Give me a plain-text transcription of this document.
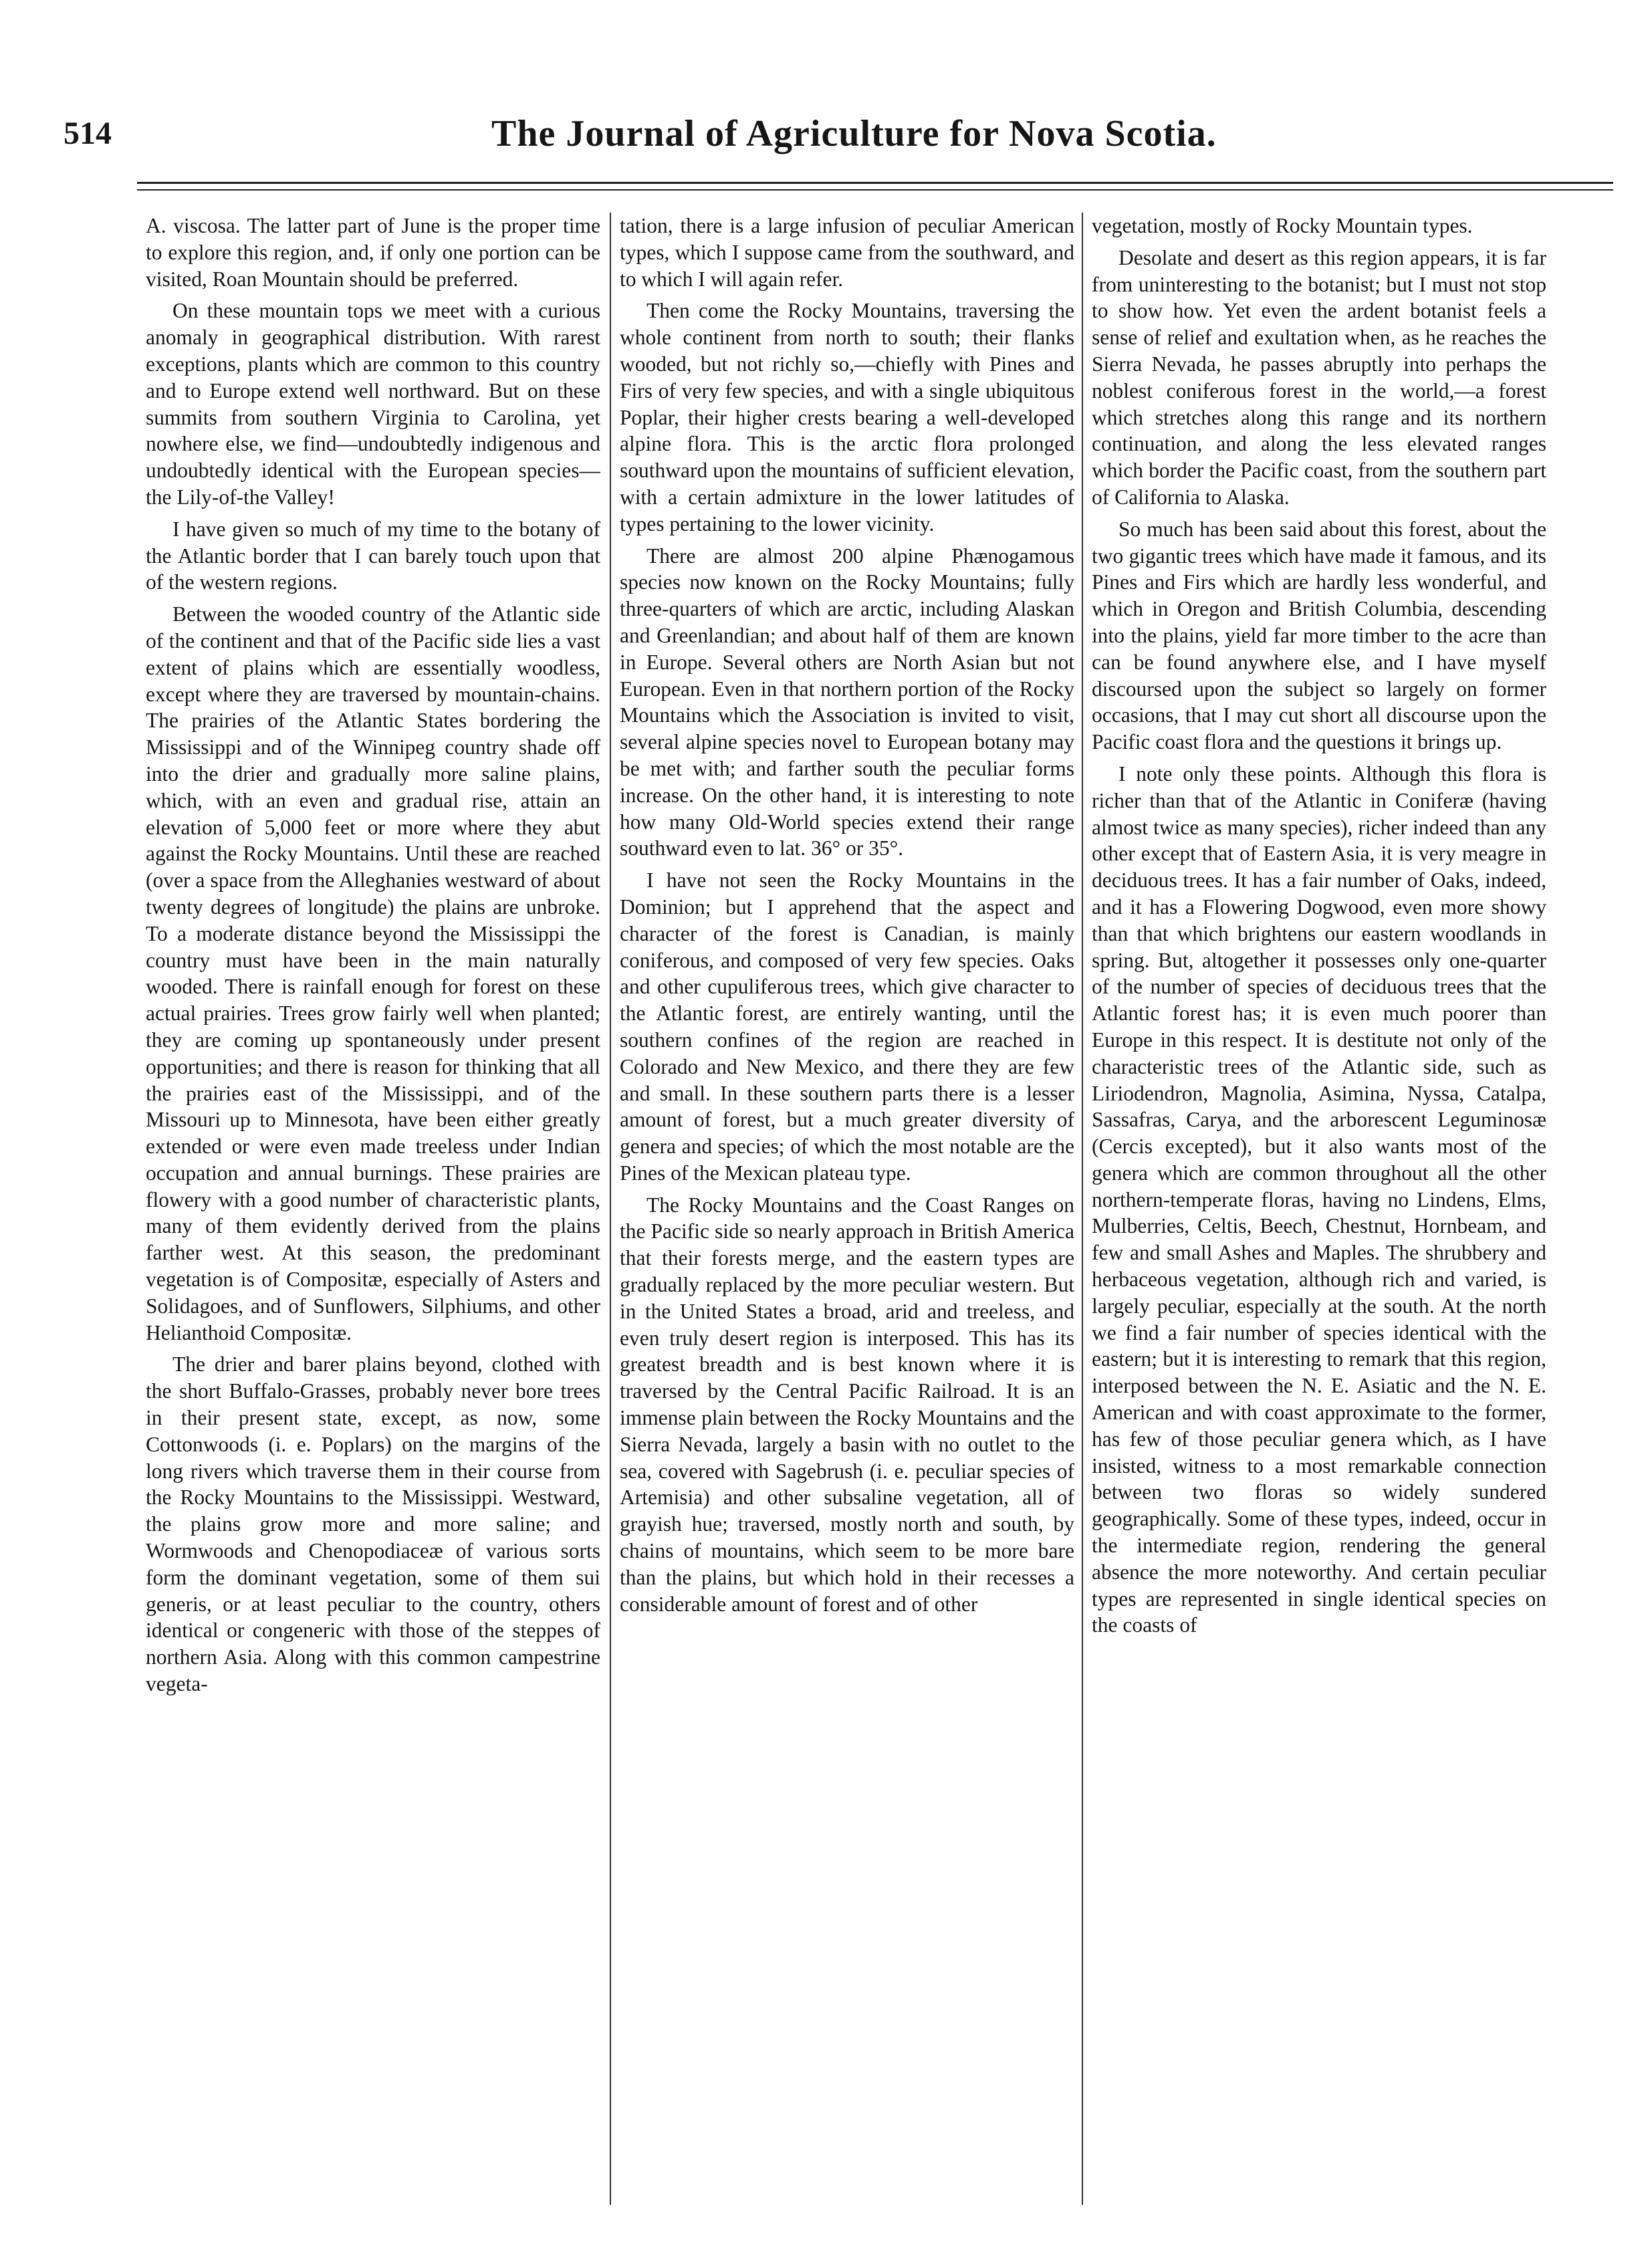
514	The Journal of Agriculture for Nova Scotia.

A. viscosa. The latter part of June is the proper time to explore this region, and, if only one portion can be visited, Roan Mountain should be preferred.

On these mountain tops we meet with a curious anomaly in geographical distribution. With rarest exceptions, plants which are common to this country and to Europe extend well northward. But on these summits from southern Virginia to Carolina, yet nowhere else, we find—undoubtedly indigenous and undoubtedly identical with the European species—the Lily-of-the Valley!

I have given so much of my time to the botany of the Atlantic border that I can barely touch upon that of the western regions.

Between the wooded country of the Atlantic side of the continent and that of the Pacific side lies a vast extent of plains which are essentially woodless, except where they are traversed by mountain-chains. The prairies of the Atlantic States bordering the Mississippi and of the Winnipeg country shade off into the drier and gradually more saline plains, which, with an even and gradual rise, attain an elevation of 5,000 feet or more where they abut against the Rocky Mountains. Until these are reached (over a space from the Alleghanies westward of about twenty degrees of longitude) the plains are unbroke. To a moderate distance beyond the Mississippi the country must have been in the main naturally wooded. There is rainfall enough for forest on these actual prairies. Trees grow fairly well when planted; they are coming up spontaneously under present opportunities; and there is reason for thinking that all the prairies east of the Mississippi, and of the Missouri up to Minnesota, have been either greatly extended or were even made treeless under Indian occupation and annual burnings. These prairies are flowery with a good number of characteristic plants, many of them evidently derived from the plains farther west. At this season, the predominant vegetation is of Compositæ, especially of Asters and Solidagoes, and of Sunflowers, Silphiums, and other Helianthoid Compositæ.

The drier and barer plains beyond, clothed with the short Buffalo-Grasses, probably never bore trees in their present state, except, as now, some Cottonwoods (i. e. Poplars) on the margins of the long rivers which traverse them in their course from the Rocky Mountains to the Mississippi. Westward, the plains grow more and more saline; and Wormwoods and Chenopodiaceæ of various sorts form the dominant vegetation, some of them sui generis, or at least peculiar to the country, others identical or congeneric with those of the steppes of northern Asia. Along with this common campestrine vegeta-

tation, there is a large infusion of peculiar American types, which I suppose came from the southward, and to which I will again refer.

Then come the Rocky Mountains, traversing the whole continent from north to south; their flanks wooded, but not richly so,—chiefly with Pines and Firs of very few species, and with a single ubiquitous Poplar, their higher crests bearing a well-developed alpine flora. This is the arctic flora prolonged southward upon the mountains of sufficient elevation, with a certain admixture in the lower latitudes of types pertaining to the lower vicinity.

There are almost 200 alpine Phænogamous species now known on the Rocky Mountains; fully three-quarters of which are arctic, including Alaskan and Greenlandian; and about half of them are known in Europe. Several others are North Asian but not European. Even in that northern portion of the Rocky Mountains which the Association is invited to visit, several alpine species novel to European botany may be met with; and farther south the peculiar forms increase. On the other hand, it is interesting to note how many Old-World species extend their range southward even to lat. 36° or 35°.

I have not seen the Rocky Mountains in the Dominion; but I apprehend that the aspect and character of the forest is Canadian, is mainly coniferous, and composed of very few species. Oaks and other cupuliferous trees, which give character to the Atlantic forest, are entirely wanting, until the southern confines of the region are reached in Colorado and New Mexico, and there they are few and small. In these southern parts there is a lesser amount of forest, but a much greater diversity of genera and species; of which the most notable are the Pines of the Mexican plateau type.

The Rocky Mountains and the Coast Ranges on the Pacific side so nearly approach in British America that their forests merge, and the eastern types are gradually replaced by the more peculiar western. But in the United States a broad, arid and treeless, and even truly desert region is interposed. This has its greatest breadth and is best known where it is traversed by the Central Pacific Railroad. It is an immense plain between the Rocky Mountains and the Sierra Nevada, largely a basin with no outlet to the sea, covered with Sagebrush (i. e. peculiar species of Artemisia) and other subsaline vegetation, all of grayish hue; traversed, mostly north and south, by chains of mountains, which seem to be more bare than the plains, but which hold in their recesses a considerable amount of forest and of other

vegetation, mostly of Rocky Mountain types.

Desolate and desert as this region appears, it is far from uninteresting to the botanist; but I must not stop to show how. Yet even the ardent botanist feels a sense of relief and exultation when, as he reaches the Sierra Nevada, he passes abruptly into perhaps the noblest coniferous forest in the world,—a forest which stretches along this range and its northern continuation, and along the less elevated ranges which border the Pacific coast, from the southern part of California to Alaska.

So much has been said about this forest, about the two gigantic trees which have made it famous, and its Pines and Firs which are hardly less wonderful, and which in Oregon and British Columbia, descending into the plains, yield far more timber to the acre than can be found anywhere else, and I have myself discoursed upon the subject so largely on former occasions, that I may cut short all discourse upon the Pacific coast flora and the questions it brings up.

I note only these points. Although this flora is richer than that of the Atlantic in Coniferæ (having almost twice as many species), richer indeed than any other except that of Eastern Asia, it is very meagre in deciduous trees. It has a fair number of Oaks, indeed, and it has a Flowering Dogwood, even more showy than that which brightens our eastern woodlands in spring. But, altogether it possesses only one-quarter of the number of species of deciduous trees that the Atlantic forest has; it is even much poorer than Europe in this respect. It is destitute not only of the characteristic trees of the Atlantic side, such as Liriodendron, Magnolia, Asimina, Nyssa, Catalpa, Sassafras, Carya, and the arborescent Leguminosæ (Cercis excepted), but it also wants most of the genera which are common throughout all the other northern-temperate floras, having no Lindens, Elms, Mulberries, Celtis, Beech, Chestnut, Hornbeam, and few and small Ashes and Maples. The shrubbery and herbaceous vegetation, although rich and varied, is largely peculiar, especially at the south. At the north we find a fair number of species identical with the eastern; but it is interesting to remark that this region, interposed between the N. E. Asiatic and the N. E. American and with coast approximate to the former, has few of those peculiar genera which, as I have insisted, witness to a most remarkable connection between two floras so widely sundered geographically. Some of these types, indeed, occur in the intermediate region, rendering the general absence the more noteworthy. And certain peculiar types are represented in single identical species on the coasts of
